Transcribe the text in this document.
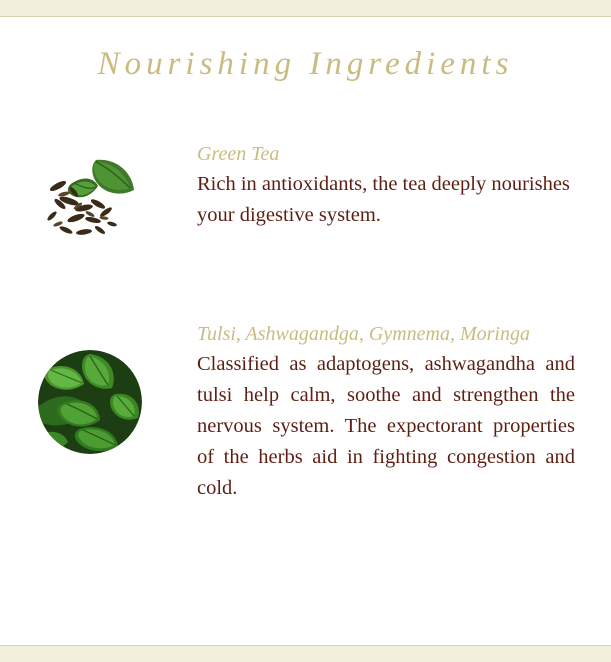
Nourishing Ingredients
Green Tea
Rich in antioxidants, the tea deeply nourishes your digestive system.
Tulsi, Ashwagandga, Gymnema, Moringa
Classified as adaptogens, ashwagandha and tulsi help calm, soothe and strengthen the nervous system. The expectorant properties of the herbs aid in fighting congestion and cold.
